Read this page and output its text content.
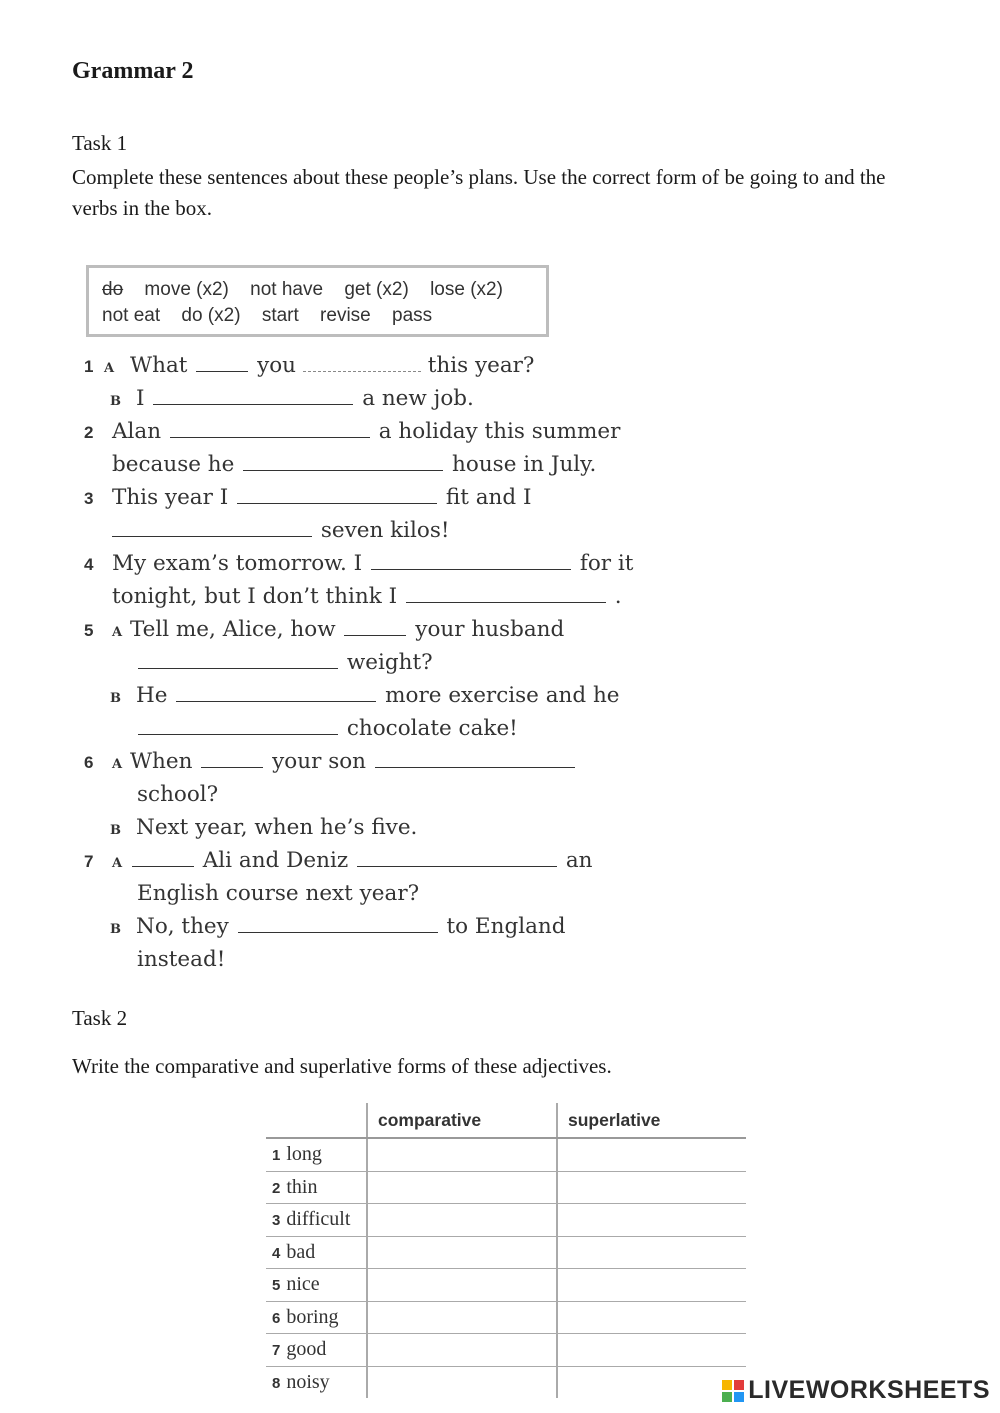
Grammar 2
Task 1
Complete these sentences about these people’s plans. Use the correct form of be going to and the verbs in the box.
do move (x2) not have get (x2) lose (x2)
not eat do (x2) start revise pass
1 A What	you	this year?
B I	a new job.
2 Alan	a holiday this summer
because he	house in July.
3 This year I	fit and I
seven kilos!
4 My exam’s tomorrow. I	for it
tonight, but I don’t think I	.
5 A Tell me, Alice, how	your husband
weight?
B He	more exercise and he
chocolate cake!
6 A When	your son
school?
B Next year, when he’s five.
7 A	Ali and Deniz	an
English course next year?
B No, they	to England
instead!
Task 2
Write the comparative and superlative forms of these adjectives.
	comparative	superlative
1 long		
2 thin		
3 difficult		
4 bad		
5 nice		
6 boring		
7 good		
8 noisy			LIVEWORKSHEETS
